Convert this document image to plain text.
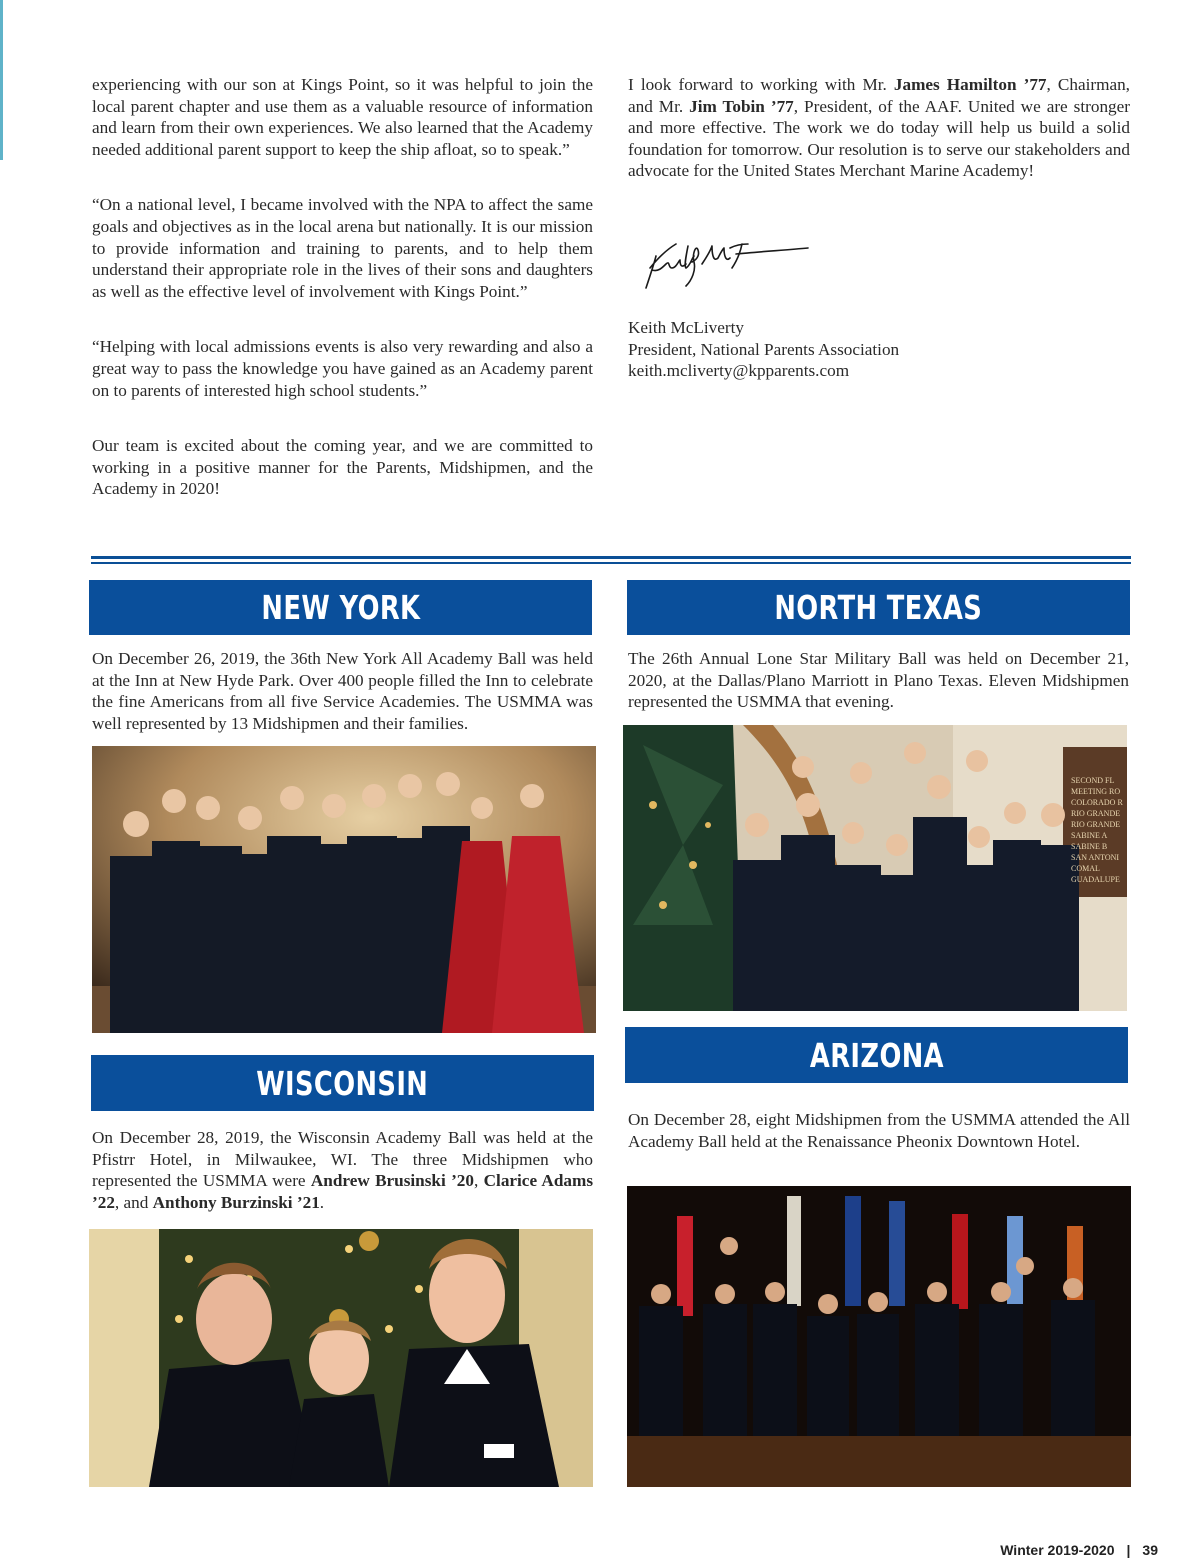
experiencing with our son at Kings Point, so it was helpful to join the local parent chapter and use them as a valuable resource of information and learn from their own experiences. We also learned that the Academy needed additional parent support to keep the ship afloat, so to speak.”

“On a national level, I became involved with the NPA to affect the same goals and objectives as in the local arena but nationally. It is our mission to provide information and training to parents, and to help them understand their appropriate role in the lives of their sons and daughters as well as the effective level of involvement with Kings Point.”

“Helping with local admissions events is also very rewarding and also a great way to pass the knowledge you have gained as an Academy parent on to parents of interested high school students.”

Our team is excited about the coming year, and we are committed to working in a positive manner for the Parents, Midshipmen, and the Academy in 2020!

I look forward to working with Mr. James Hamilton ’77, Chairman, and Mr. Jim Tobin ’77, President, of the AAF. United we are stronger and more effective. The work we do today will help us build a solid foundation for tomorrow. Our resolution is to serve our stakeholders and advocate for the United States Merchant Marine Academy!

Keith McLiverty
President, National Parents Association
keith.mcliverty@kpparents.com
NEW YORK

On December 26, 2019, the 36th New York All Academy Ball was held at the Inn at New Hyde Park. Over 400 people filled the Inn to celebrate the fine Americans from all five Service Academies. The USMMA was well represented by 13 Midshipmen and their families.

NORTH TEXAS

The 26th Annual Lone Star Military Ball was held on December 21, 2020, at the Dallas/Plano Marriott in Plano Texas. Eleven Midshipmen represented the USMMA that evening.

SECOND FL
MEETING RO
COLORADO R
RIO GRANDE
RIO GRANDE
SABINE A
SABINE B
SAN ANTONI
COMAL
GUADALUPE
ARIZONA

On December 28, eight Midshipmen from the USMMA attended the All Academy Ball held at the Renaissance Pheonix Downtown Hotel.

WISCONSIN

On December 28, 2019, the Wisconsin Academy Ball was held at the Pfistrr Hotel, in Milwaukee, WI. The three Midshipmen who represented the USMMA were Andrew Brusinski ’20, Clarice Adams ’22, and Anthony Burzinski ’21.

Winter 2019-2020 | 39
